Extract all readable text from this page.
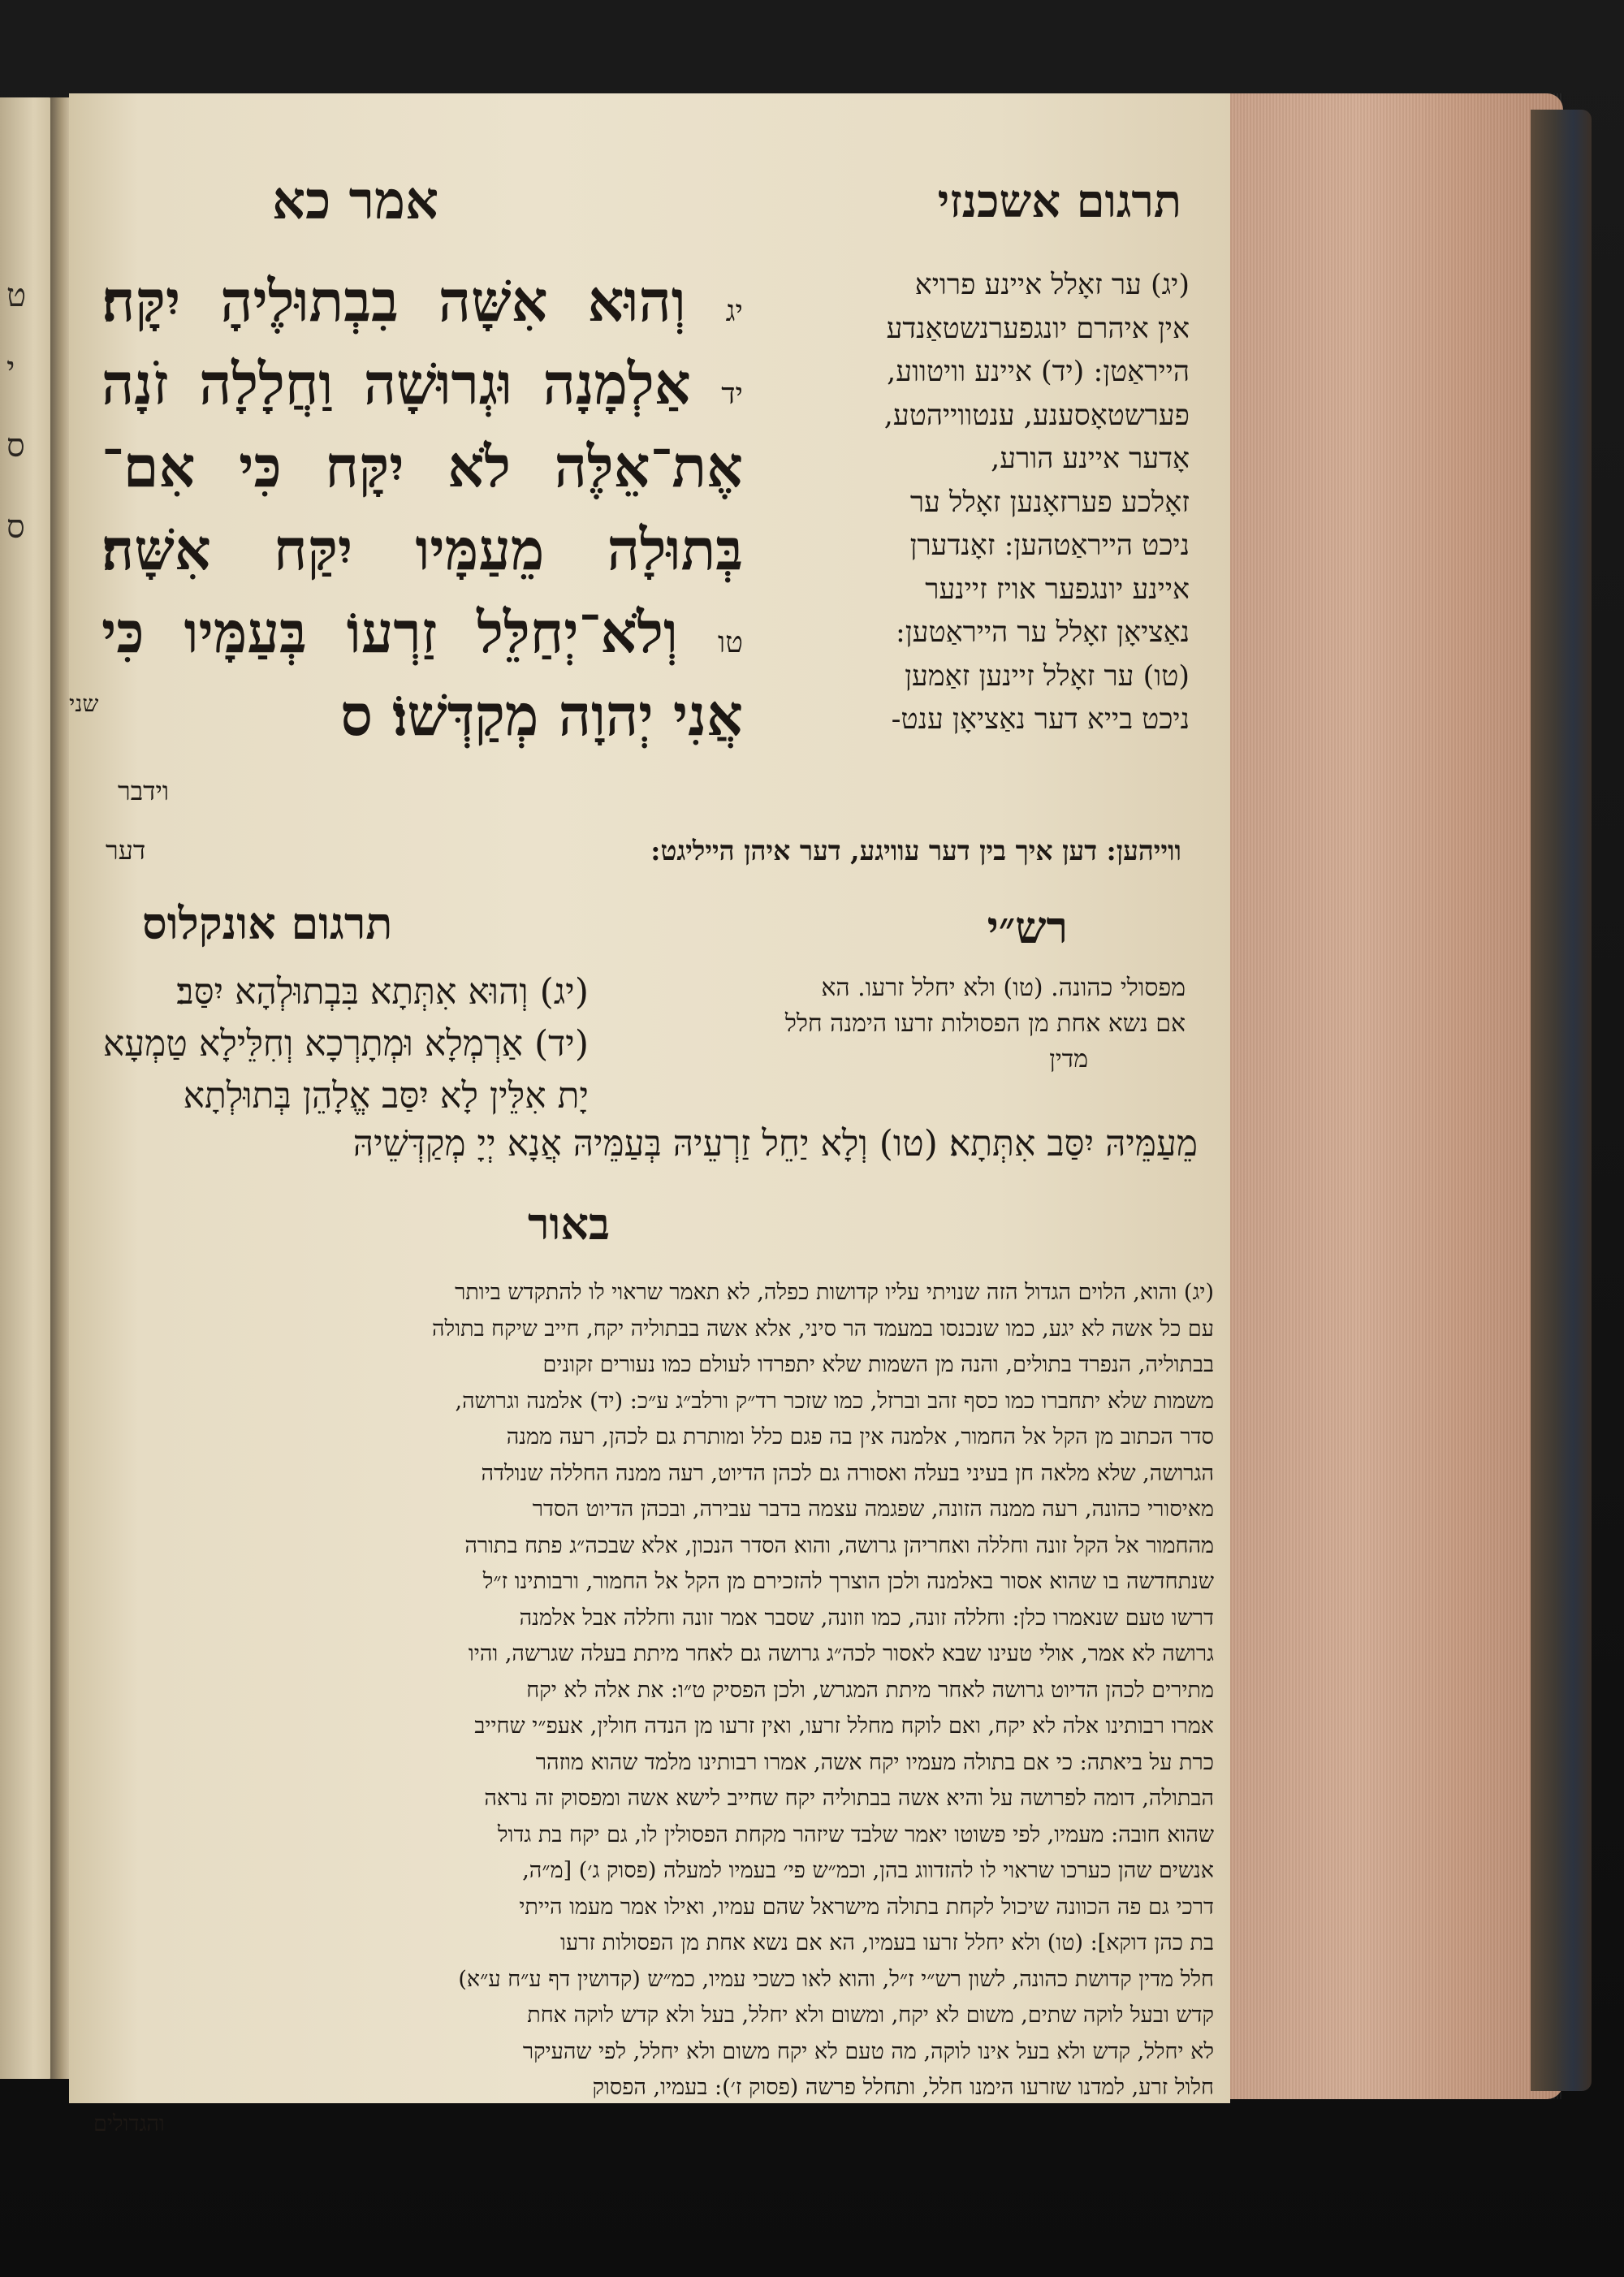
ט
י
ס
ס
אמר כא	תרגום אשכנזי
יג וְהוּא אִשָּׁה בִבְתוּלֶיהָ יִקָּח׃
יד אַלְמָנָה וּגְרוּשָׁה וַחֲלָלָה זֹנָה
אֶת־אֵלֶּה לֹא יִקָּח כִּי אִם־
בְּתוּלָה מֵעַמָּיו יִקַּח אִשָּׁה׃
טו וְלֹא־יְחַלֵּל זַרְעוֹ בְּעַמָּיו כִּי
אֲנִי יְהוָה מְקַדְּשׁוֹ׃ ס
שני
וידבר
(יג) ער זאָלל איינע פרויא
אין איהרם יונגפערנשטאַנדע
הייראַטן: (יד) איינע וויטווע,
פערשטאָסענע, ענטווייהטע,
אָדער איינע הורע,
זאָלכע פערזאָנען זאָלל ער
ניכט הייראַטהען: זאָנדערן
איינע יונגפער אויז זיינער
נאַציאָן זאָלל ער הייראַטען:
(טו) ער זאָלל זיינען זאַמען
ניכט בייא דער נאַציאָן ענט-
ווייהען: דען איך בין דער עוויגע, דער איהן הייליגט:
דער
רש״י
מפסולי כהונה. (טו) ולא יחלל זרעו. הא
אם נשא אחת מן הפסולות זרעו הימנה חלל
מדין
תרגום אונקלוס
(יג) וְהוּא אִתְּתָא בִּבְתוּלְהָא יִסַּב׃
(יד) אַרְמְלָא וּמְתָרְכָא וְחִלֵּילָא טַמְעָא
יָת אִלֵּין לָא יִסַּב אֱלָהֵן בְּתוּלְתָא
מֵעַמֵּיהּ יִסַּב אִתְּתָא׃ (טו) וְלָא יַחֵל זַרְעֵיהּ בְּעַמֵּיהּ אֲנָא יְיָ מְקַדְּשֵׁיהּ
באור
(יג) והוא, הלוים הגדול הזה שנויתי עליו קדושות כפלה, לא תאמר שראוי לו להתקדש ביותר
עם כל אשה לא יגע, כמו שנכנסו במעמד הר סיני, אלא אשה בבתוליה יקח, חייב שיקח בתולה
בבתוליה, הנפרד בתולים, והנה מן השמות שלא יתפרדו לעולם כמו נעורים זקונים
משמות שלא יתחברו כמו כסף זהב וברזל, כמו שזכר רד״ק ורלב״ג ע״כ: (יד) אלמנה וגרושה,
סדר הכתוב מן הקל אל החמור, אלמנה אין בה פגם כלל ומותרת גם לכהן, רעה ממנה
הגרושה, שלא מלאה חן בעיני בעלה ואסורה גם לכהן הדיוט, רעה ממנה החללה שנולדה
מאיסורי כהונה, רעה ממנה הזונה, שפגמה עצמה בדבר עבירה, ובכהן הדיוט הסדר
מהחמור אל הקל זונה וחללה ואחריהן גרושה, והוא הסדר הנכון, אלא שבכה״ג פתח בתורה
שנתחדשה בו שהוא אסור באלמנה ולכן הוצרך להזכירם מן הקל אל החמור, ורבותינו ז״ל
דרשו טעם שנאמרו כלן: וחללה זונה, כמו וזונה, שסבר אמר זונה וחללה אבל אלמנה
גרושה לא אמר, אולי טעינו שבא לאסור לכה״ג גרושה גם לאחר מיתת בעלה שגרשה, והיו
מתירים לכהן הדיוט גרושה לאחר מיתת המגרש, ולכן הפסיק ט״ו: את אלה לא יקח
אמרו רבותינו אלה לא יקח, ואם לוקח מחלל זרעו, ואין זרעו מן הנדה חולין, אעפ״י שחייב
כרת על ביאתה: כי אם בתולה מעמיו יקח אשה, אמרו רבותינו מלמד שהוא מוזהר
הבתולה, דומה לפרושה על והיא אשה בבתוליה יקח שחייב לישא אשה ומפסוק זה נראה
שהוא חובה: מעמיו, לפי פשוטו יאמר שלבד שיזהר מקחת הפסולין לו, גם יקח בת גדול
אנשים שהן כערכו שראוי לו להזדווג בהן, וכמ״ש פי׳ בעמיו למעלה (פסוק ג׳) [מ״ה,
דרכי גם פה הכוונה שיכול לקחת בתולה מישראל שהם עמיו, ואילו אמר מעמו הייתי
בת כהן דוקא]: (טו) ולא יחלל זרעו בעמיו, הא אם נשא אחת מן הפסולות זרעו
חלל מדין קדושת כהונה, לשון רש״י ז״ל, והוא לאו כשכי עמיו, כמ״ש (קדושין דף ע״ח ע״א)
קדש ובעל לוקה שתים, משום לא יקח, ומשום ולא יחלל, בעל ולא קדש לוקה אחת
לא יחלל, קדש ולא בעל אינו לוקה, מה טעם לא יקח משום ולא יחלל, לפי שהעיקר
חלול זרע, למדנו שזרעו הימנו חלל, ותחלל פרשה (פסוק ז׳): בעמיו, הפסוק
והגדולים
